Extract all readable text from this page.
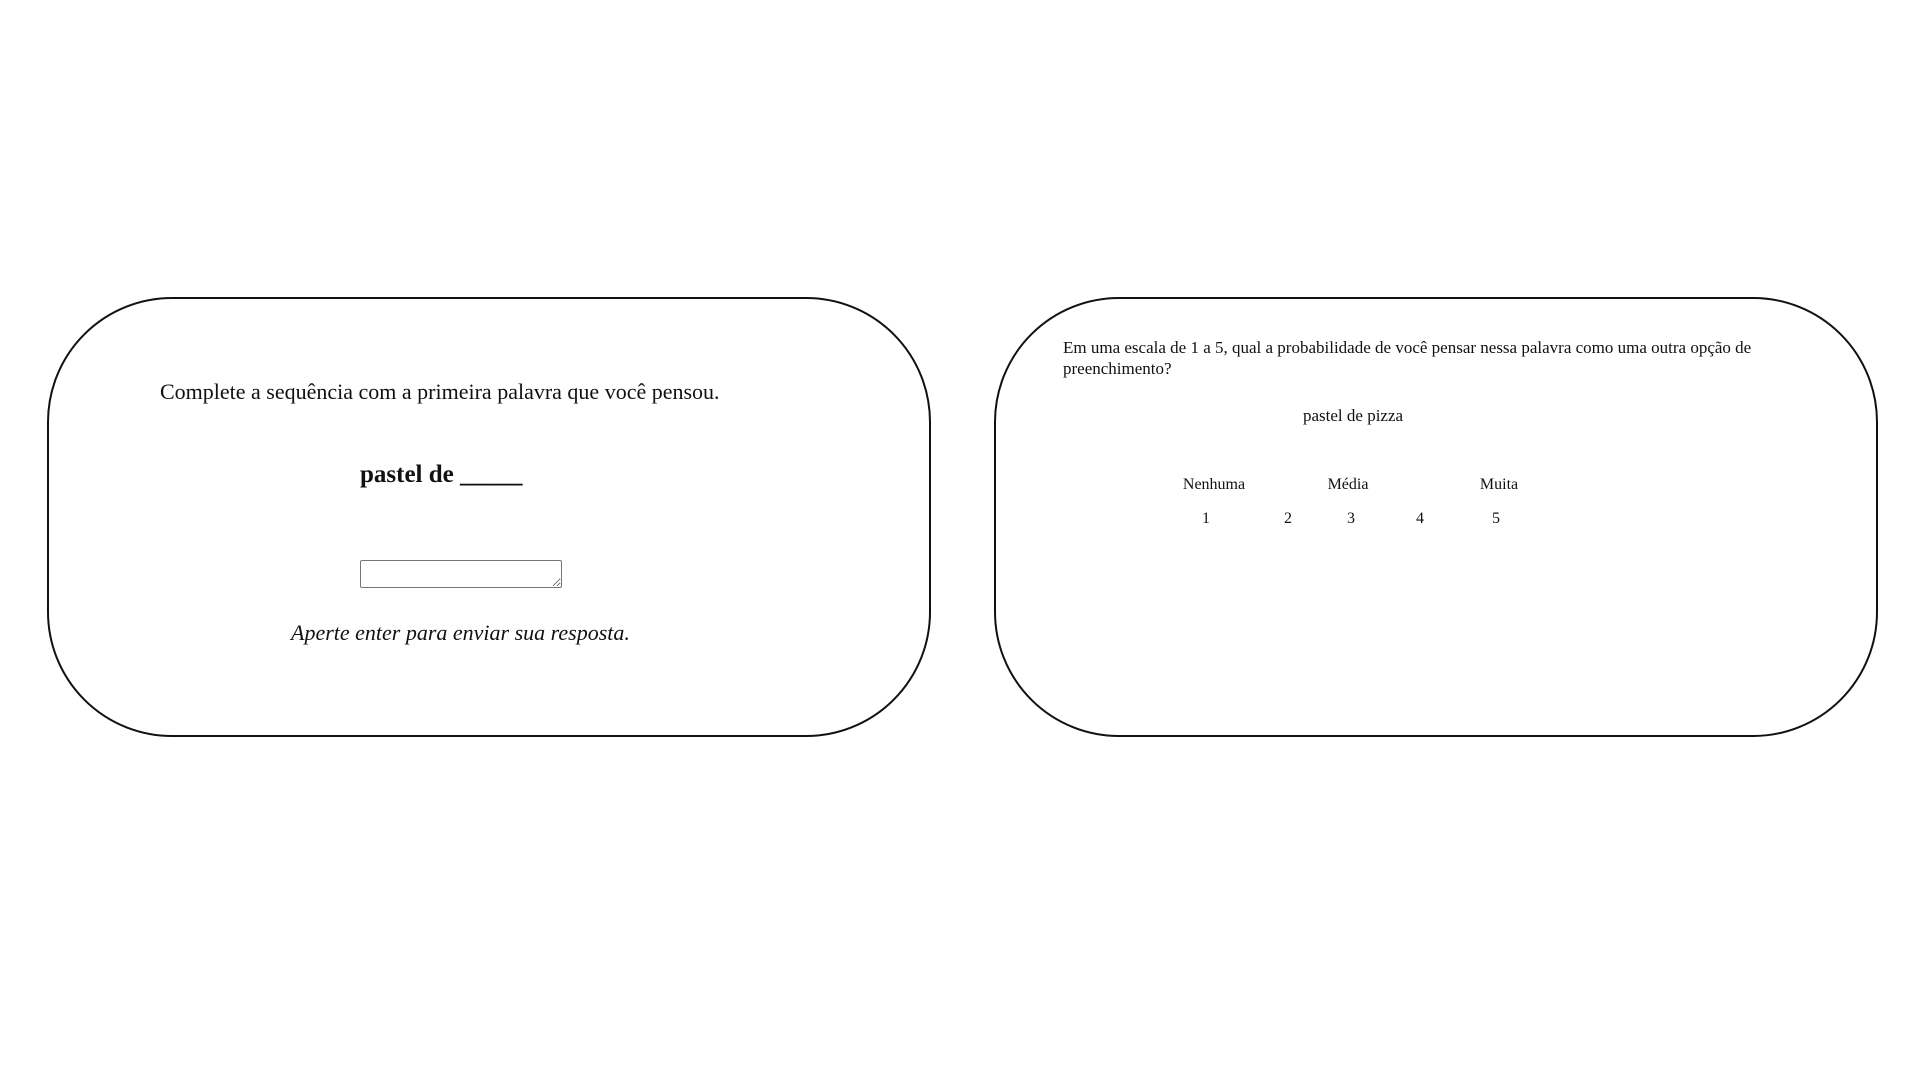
Complete a sequência com a primeira palavra que você pensou.
pastel de _____
Aperte enter para enviar sua resposta.
Em uma escala de 1 a 5, qual a probabilidade de você pensar nessa palavra como uma outra opção de preenchimento?
pastel de pizza
Nenhuma	Média	Muita
1	2	3	4	5
